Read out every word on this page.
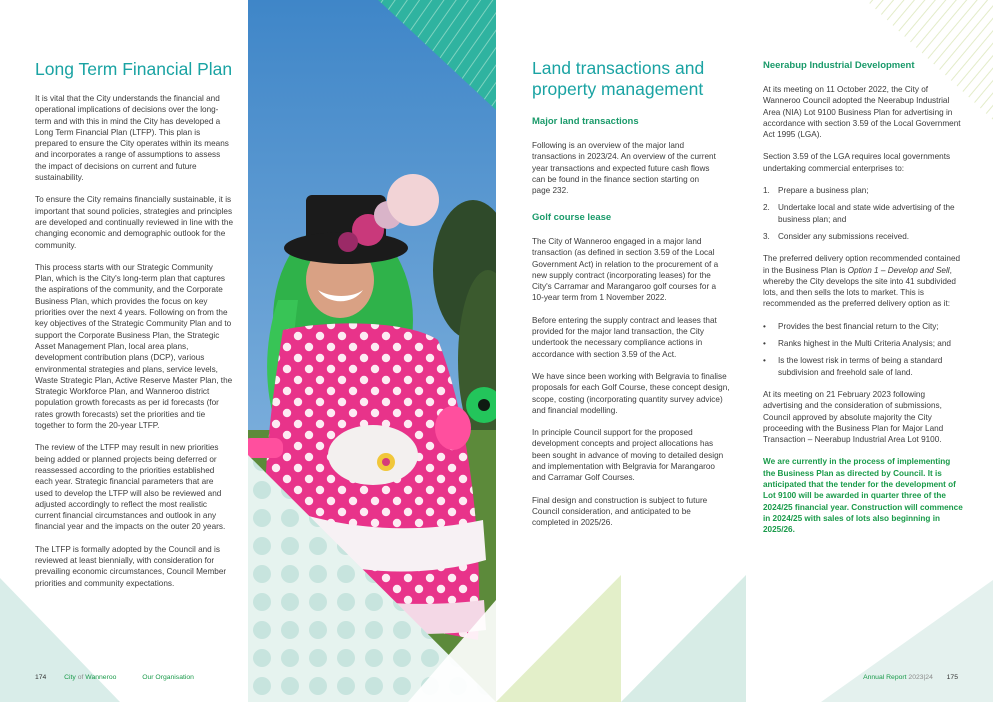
Long Term Financial Plan

It is vital that the City understands the financial and operational implications of decisions over the long-term and with this in mind the City has developed a Long Term Financial Plan (LTFP). This plan is prepared to ensure the City operates within its means and incorporates a range of assumptions to assess the impact of decisions on current and future sustainability.

To ensure the City remains financially sustainable, it is important that sound policies, strategies and principles are developed and continually reviewed in line with the changing economic and demographic outlook for the community.

This process starts with our Strategic Community Plan, which is the City's long-term plan that captures the aspirations of the community, and the Corporate Business Plan, which provides the focus on key priorities over the next 4 years. Following on from the key objectives of the Strategic Community Plan and to support the Corporate Business Plan, the Strategic Asset Management Plan, local area plans, development contribution plans (DCP), various environmental strategies and plans, service levels, Waste Strategic Plan, Active Reserve Master Plan, the Strategic Workforce Plan, and Wanneroo district population growth forecasts as per id forecasts (for rates growth forecasts) set the priorities and tie together to form the 20-year LTFP.

The review of the LTFP may result in new priorities being added or planned projects being deferred or reassessed according to the priorities established each year. Strategic financial parameters that are used to develop the LTFP will also be reviewed and adjusted accordingly to reflect the most realistic current financial circumstances and outlook in any financial year and the impacts on the outer 20 years.

The LTFP is formally adopted by the Council and is reviewed at least biennially, with consideration for prevailing economic circumstances, Council Member priorities and community expectations.

174	City of Wanneroo	Our Organisation
Land transactions and property management
Major land transactions

Following is an overview of the major land transactions in 2023/24. An overview of the current year transactions and expected future cash flows can be found in the finance section starting on page 232.

Golf course lease

The City of Wanneroo engaged in a major land transaction (as defined in section 3.59 of the Local Government Act) in relation to the procurement of a new supply contract (incorporating leases) for the City's Carramar and Marangaroo golf courses for a 10-year term from 1 November 2022.

Before entering the supply contract and leases that provided for the major land transaction, the City undertook the necessary compliance actions in accordance with section 3.59 of the Act.

We have since been working with Belgravia to finalise proposals for each Golf Course, these concept design, scope, costing (incorporating quantity survey advice) and financial modelling.

In principle Council support for the proposed development concepts and project allocations has been sought in advance of moving to detailed design and implementation with Belgravia for Marangaroo and Carramar Golf Courses.

Final design and construction is subject to future Council consideration, and anticipated to be completed in 2025/26.

Neerabup Industrial Development

At its meeting on 11 October 2022, the City of Wanneroo Council adopted the Neerabup Industrial Area (NIA) Lot 9100 Business Plan for advertising in accordance with section 3.59 of the Local Government Act 1995 (LGA).

Section 3.59 of the LGA requires local governments undertaking commercial enterprises to:

1. Prepare a business plan;
2. Undertake local and state wide advertising of the business plan; and
3. Consider any submissions received.

The preferred delivery option recommended contained in the Business Plan is Option 1 – Develop and Sell, whereby the City develops the site into 41 subdivided lots, and then sells the lots to market. This is recommended as the preferred delivery option as it:

• Provides the best financial return to the City;
• Ranks highest in the Multi Criteria Analysis; and
• Is the lowest risk in terms of being a standard subdivision and freehold sale of land.

At its meeting on 21 February 2023 following advertising and the consideration of submissions, Council approved by absolute majority the City proceeding with the Business Plan for Major Land Transaction – Neerabup Industrial Area Lot 9100.

We are currently in the process of implementing the Business Plan as directed by Council. It is anticipated that the tender for the development of Lot 9100 will be awarded in quarter three of the 2024/25 financial year. Construction will commence in 2024/25 with sales of lots also beginning in 2025/26.

Annual Report 2023|24 175
